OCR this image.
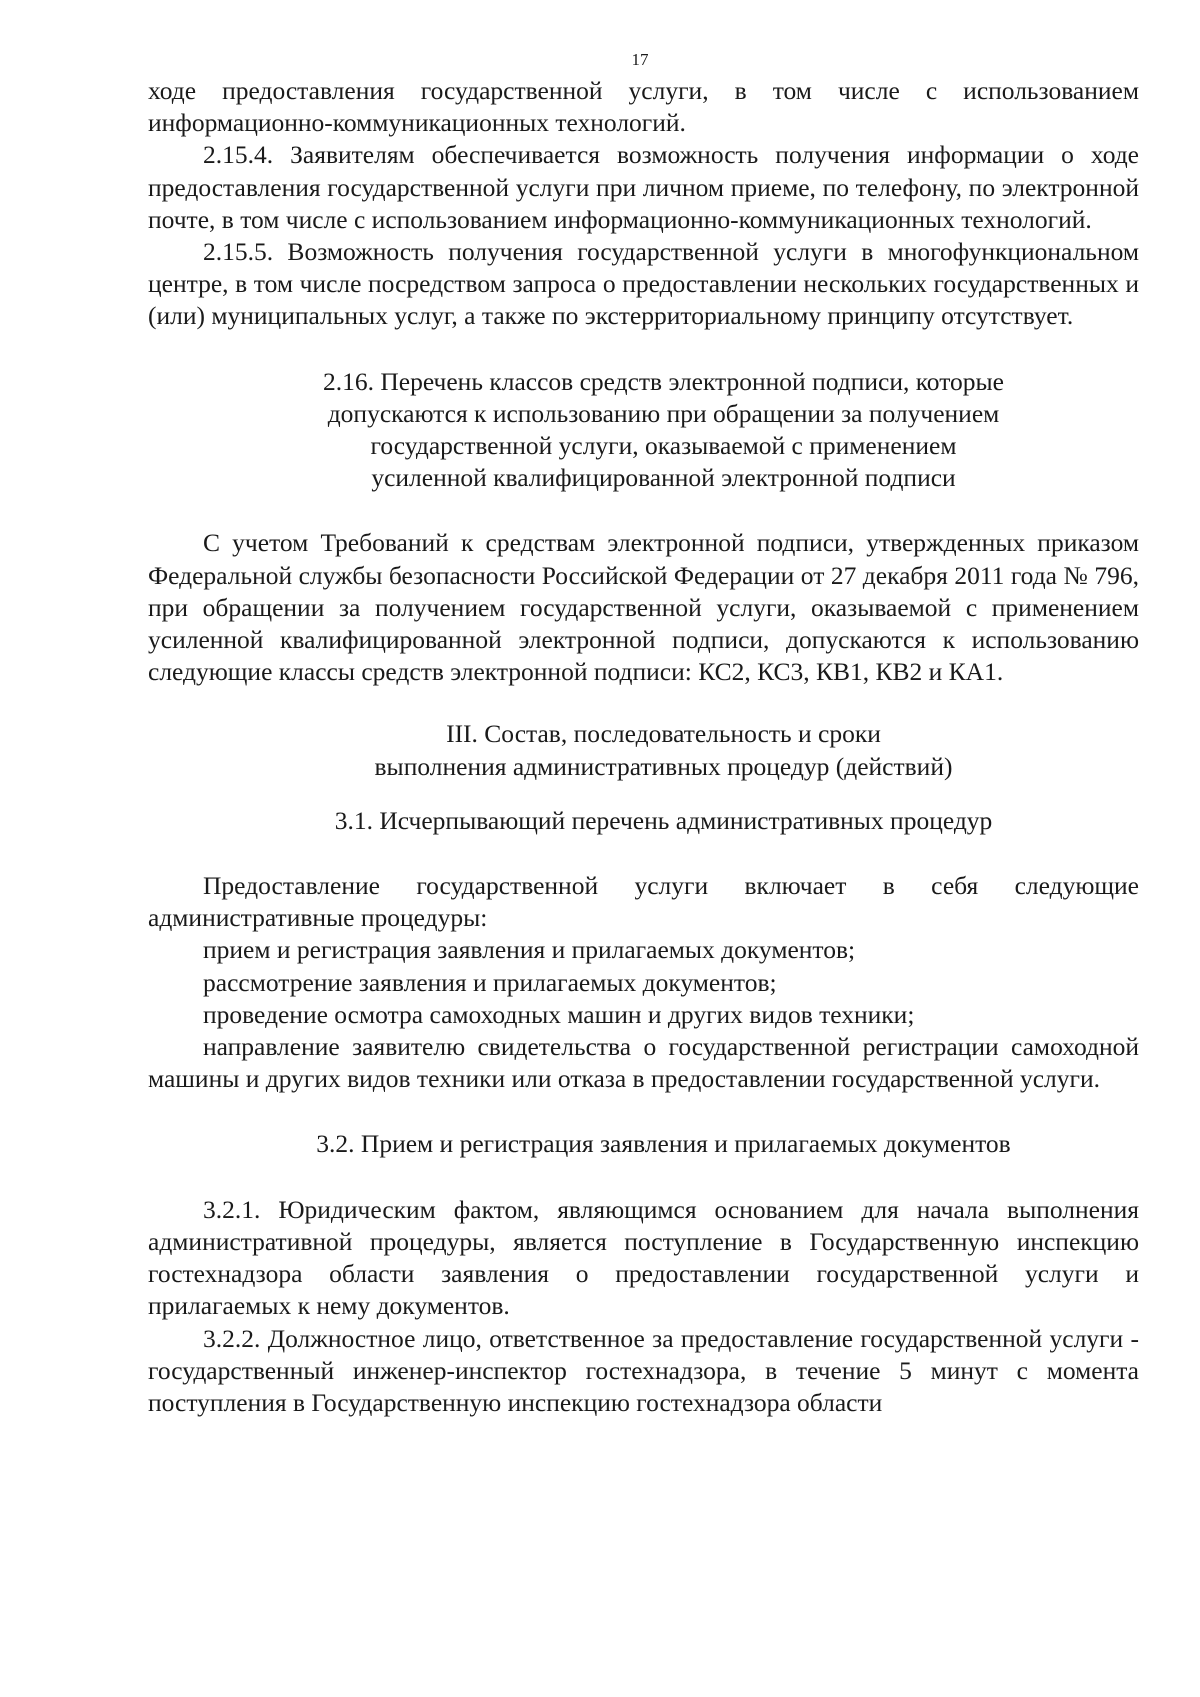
17

ходе предоставления государственной услуги, в том числе с использованием информационно-коммуникационных технологий.

2.15.4. Заявителям обеспечивается возможность получения информации о ходе предоставления государственной услуги при личном приеме, по телефону, по электронной почте, в том числе с использованием информационно-коммуникационных технологий.

2.15.5. Возможность получения государственной услуги в многофункциональном центре, в том числе посредством запроса о предоставлении нескольких государственных и (или) муниципальных услуг, а также по экстерриториальному принципу отсутствует.

2.16. Перечень классов средств электронной подписи, которые
допускаются к использованию при обращении за получением
государственной услуги, оказываемой с применением
усиленной квалифицированной электронной подписи

С учетом Требований к средствам электронной подписи, утвержденных приказом Федеральной службы безопасности Российской Федерации от 27 декабря 2011 года № 796, при обращении за получением государственной услуги, оказываемой с применением усиленной квалифицированной электронной подписи, допускаются к использованию следующие классы средств электронной подписи: КС2, КС3, КВ1, КВ2 и КА1.

III. Состав, последовательность и сроки
выполнения административных процедур (действий)
3.1. Исчерпывающий перечень административных процедур

Предоставление государственной услуги включает в себя следующие административные процедуры:

прием и регистрация заявления и прилагаемых документов;

рассмотрение заявления и прилагаемых документов;

проведение осмотра самоходных машин и других видов техники;

направление заявителю свидетельства о государственной регистрации самоходной машины и других видов техники или отказа в предоставлении государственной услуги.

3.2. Прием и регистрация заявления и прилагаемых документов

3.2.1. Юридическим фактом, являющимся основанием для начала выполнения административной процедуры, является поступление в Государственную инспекцию гостехнадзора области заявления о предоставлении государственной услуги и прилагаемых к нему документов.

3.2.2. Должностное лицо, ответственное за предоставление государственной услуги - государственный инженер-инспектор гостехнадзора, в течение 5 минут с момента поступления в Государственную инспекцию гостехнадзора области
